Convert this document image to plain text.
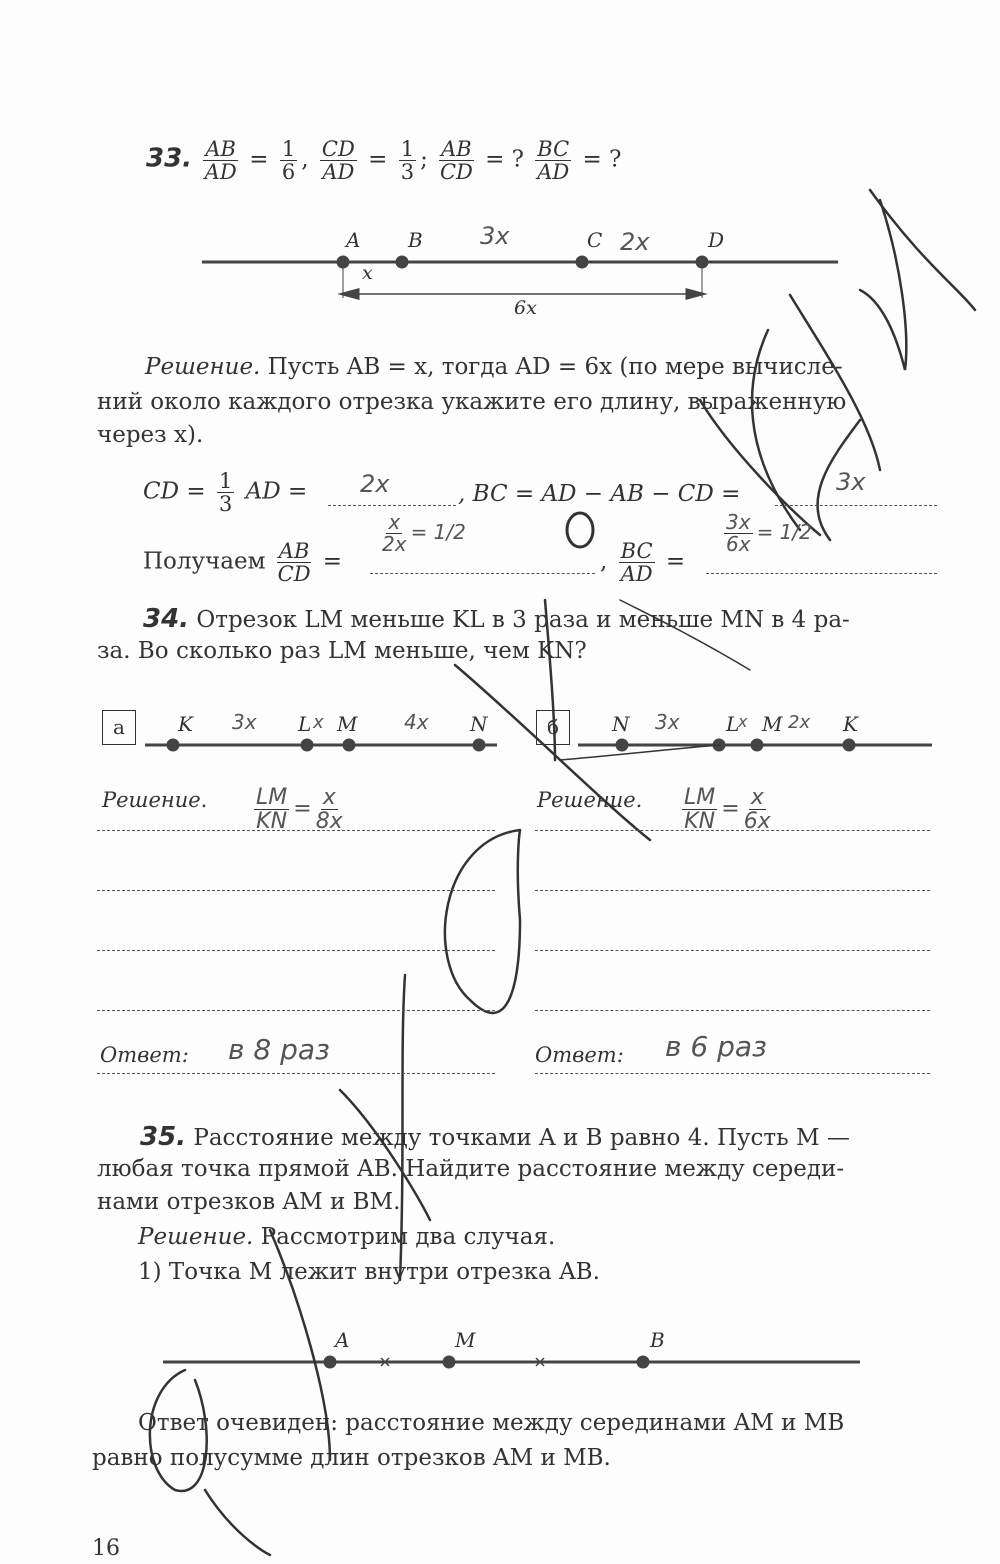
33. $\frac{AB}{AD} = \frac{1}{6}$ , $\frac{CD}{AD} = \frac{1}{3}$ ; $\frac{AB}{CD}$ = ? $\frac{BC}{AD}$ = ?
A B	C	D
x
6x
3x	2x
Решение. Пусть AB = x, тогда AD = 6x (по мере вычисле-
ний около каждого отрезка укажите его длину, выраженную
через x).
CD = $\frac{1}{3}$ AD = 2x	, BC = AD − AB − CD =	3x
Получаем $\frac{AB}{CD}$ =
$\frac{x}{2x} = 1/2$
, $\frac{BC}{AD}$ =
$\frac{3x}{6x} = 1/2$
34. Отрезок LM меньше KL в 3 раза и меньше MN в 4 ра-
за. Во сколько раз LM меньше, чем KN?
а	K	L M	N
3x	x	4x	б	N	L M	K
3x	x 2x
Решение. $\frac{LM}{KN} = \frac{x}{8x}$	Решение. $\frac{LM}{KN} = \frac{x}{6x}$
Ответ: в 8 раз	Ответ: в 6 раз
35. Расстояние между точками A и B равно 4. Пусть M —
любая точка прямой AB. Найдите расстояние между середи-
нами отрезков AM и BM.
Решение. Рассмотрим два случая.
1) Точка M лежит внутри отрезка AB.
A	M	B
Ответ очевиден: расстояние между серединами AM и MB
равно полусумме длин отрезков AM и MB.
16
